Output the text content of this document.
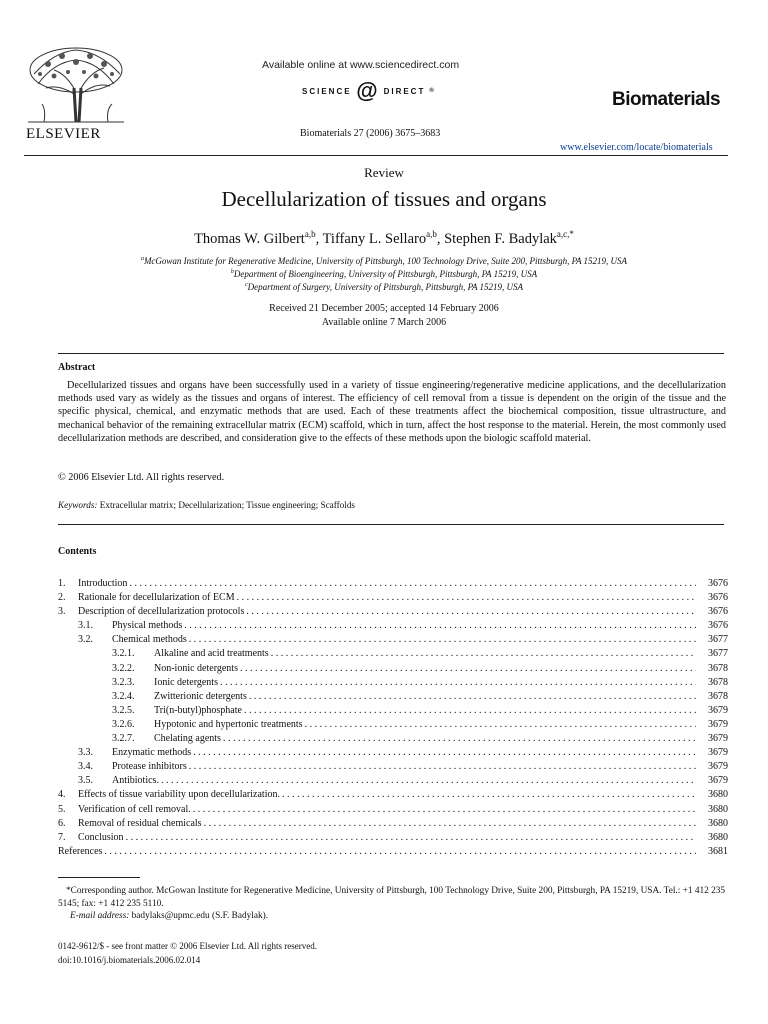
ELSEVIER
Available online at www.sciencedirect.com
SCIENCE @ DIRECT ®
Biomaterials 27 (2006) 3675–3683
Biomaterials
www.elsevier.com/locate/biomaterials
Review
Decellularization of tissues and organs
Thomas W. Gilbert$^{a,b}$, Tiffany L. Sellaro$^{a,b}$, Stephen F. Badylak$^{a,c,*}$
$^a$McGowan Institute for Regenerative Medicine, University of Pittsburgh, 100 Technology Drive, Suite 200, Pittsburgh, PA 15219, USA
$^b$Department of Bioengineering, University of Pittsburgh, Pittsburgh, PA 15219, USA
$^c$Department of Surgery, University of Pittsburgh, Pittsburgh, PA 15219, USA
Received 21 December 2005; accepted 14 February 2006
Available online 7 March 2006
Abstract
Decellularized tissues and organs have been successfully used in a variety of tissue engineering/regenerative medicine applications, and the decellularization methods used vary as widely as the tissues and organs of interest. The efficiency of cell removal from a tissue is dependent on the origin of the tissue and the specific physical, chemical, and enzymatic methods that are used. Each of these treatments affect the biochemical composition, tissue ultrastructure, and mechanical behavior of the remaining extracellular matrix (ECM) scaffold, which in turn, affect the host response to the material. Herein, the most commonly used decellularization methods are described, and consideration give to the effects of these methods upon the biologic scaffold material.
© 2006 Elsevier Ltd. All rights reserved.
Keywords: Extracellular matrix; Decellularization; Tissue engineering; Scaffolds
Contents
1.	Introduction . . .	3676
2.	Rationale for decellularization of ECM . . .	3676
3.	Description of decellularization protocols . . .	3676
3.1.	Physical methods . . .	3676
3.2.	Chemical methods . . .	3677
3.2.1.	Alkaline and acid treatments . . .	3677
3.2.2.	Non-ionic detergents . . .	3678
3.2.3.	Ionic detergents . . .	3678
3.2.4.	Zwitterionic detergents . . .	3678
3.2.5.	Tri(n-butyl)phosphate . . .	3679
3.2.6.	Hypotonic and hypertonic treatments . . .	3679
3.2.7.	Chelating agents . . .	3679
3.3.	Enzymatic methods . . .	3679
3.4.	Protease inhibitors . . .	3679
3.5.	Antibiotics. . . .	3679
4.	Effects of tissue variability upon decellularization. . . .	3680
5.	Verification of cell removal. . . .	3680
6.	Removal of residual chemicals . . .	3680
7.	Conclusion . . .	3680
References . . .	3681
*Corresponding author. McGowan Institute for Regenerative Medicine, University of Pittsburgh, 100 Technology Drive, Suite 200, Pittsburgh, PA 15219, USA. Tel.: +1 412 235 5145; fax: +1 412 235 5110.
E-mail address: badylaks@upmc.edu (S.F. Badylak).
0142-9612/$ - see front matter © 2006 Elsevier Ltd. All rights reserved.
doi:10.1016/j.biomaterials.2006.02.014
